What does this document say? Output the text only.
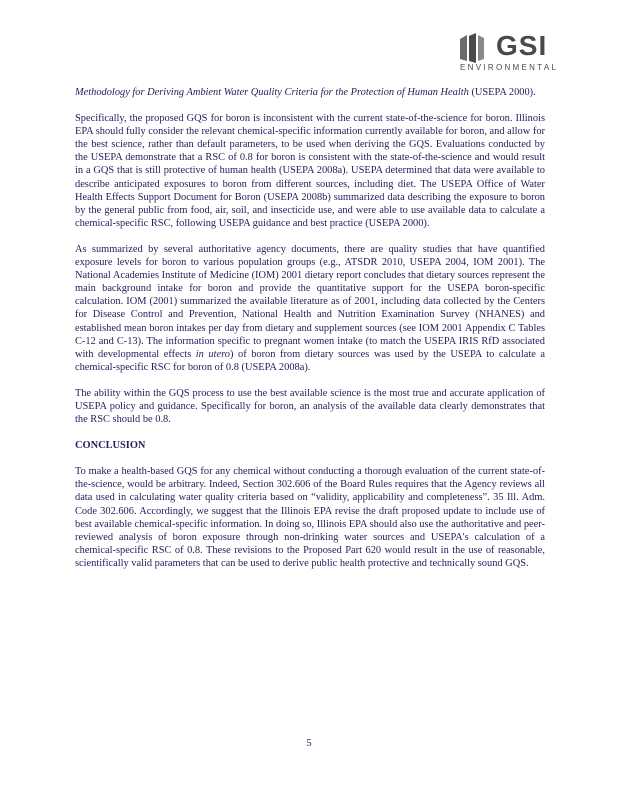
GSI
ENVIRONMENTAL

Methodology for Deriving Ambient Water Quality Criteria for the Protection of Human Health (USEPA 2000).

Specifically, the proposed GQS for boron is inconsistent with the current state-of-the-science for boron. Illinois EPA should fully consider the relevant chemical-specific information currently available for boron, and allow for the best science, rather than default parameters, to be used when deriving the GQS. Evaluations conducted by the USEPA demonstrate that a RSC of 0.8 for boron is consistent with the state-of-the-science and would result in a GQS that is still protective of human health (USEPA 2008a). USEPA determined that data were available to describe anticipated exposures to boron from different sources, including diet. The USEPA Office of Water Health Effects Support Document for Boron (USEPA 2008b) summarized data describing the exposure to boron by the general public from food, air, soil, and insecticide use, and were able to use available data to calculate a chemical-specific RSC, following USEPA guidance and best practice (USEPA 2000).

As summarized by several authoritative agency documents, there are quality studies that have quantified exposure levels for boron to various population groups (e.g., ATSDR 2010, USEPA 2004, IOM 2001). The National Academies Institute of Medicine (IOM) 2001 dietary report concludes that dietary sources represent the main background intake for boron and provide the quantitative support for the USEPA boron-specific calculation. IOM (2001) summarized the available literature as of 2001, including data collected by the Centers for Disease Control and Prevention, National Health and Nutrition Examination Survey (NHANES) and established mean boron intakes per day from dietary and supplement sources (see IOM 2001 Appendix C Tables C-12 and C-13). The information specific to pregnant women intake (to match the USEPA IRIS RfD associated with developmental effects in utero) of boron from dietary sources was used by the USEPA to calculate a chemical-specific RSC for boron of 0.8 (USEPA 2008a).

The ability within the GQS process to use the best available science is the most true and accurate application of USEPA policy and guidance. Specifically for boron, an analysis of the available data clearly demonstrates that the RSC should be 0.8.

CONCLUSION

To make a health-based GQS for any chemical without conducting a thorough evaluation of the current state-of-the-science, would be arbitrary. Indeed, Section 302.606 of the Board Rules requires that the Agency reviews all data used in calculating water quality criteria based on “validity, applicability and completeness”. 35 Ill. Adm. Code 302.606. Accordingly, we suggest that the Illinois EPA revise the draft proposed update to include use of best available chemical-specific information. In doing so, Illinois EPA should also use the authoritative and peer-reviewed analysis of boron exposure through non-drinking water sources and USEPA's calculation of a chemical-specific RSC of 0.8. These revisions to the Proposed Part 620 would result in the use of reasonable, scientifically valid parameters that can be used to derive public health protective and technically sound GQS.

5
